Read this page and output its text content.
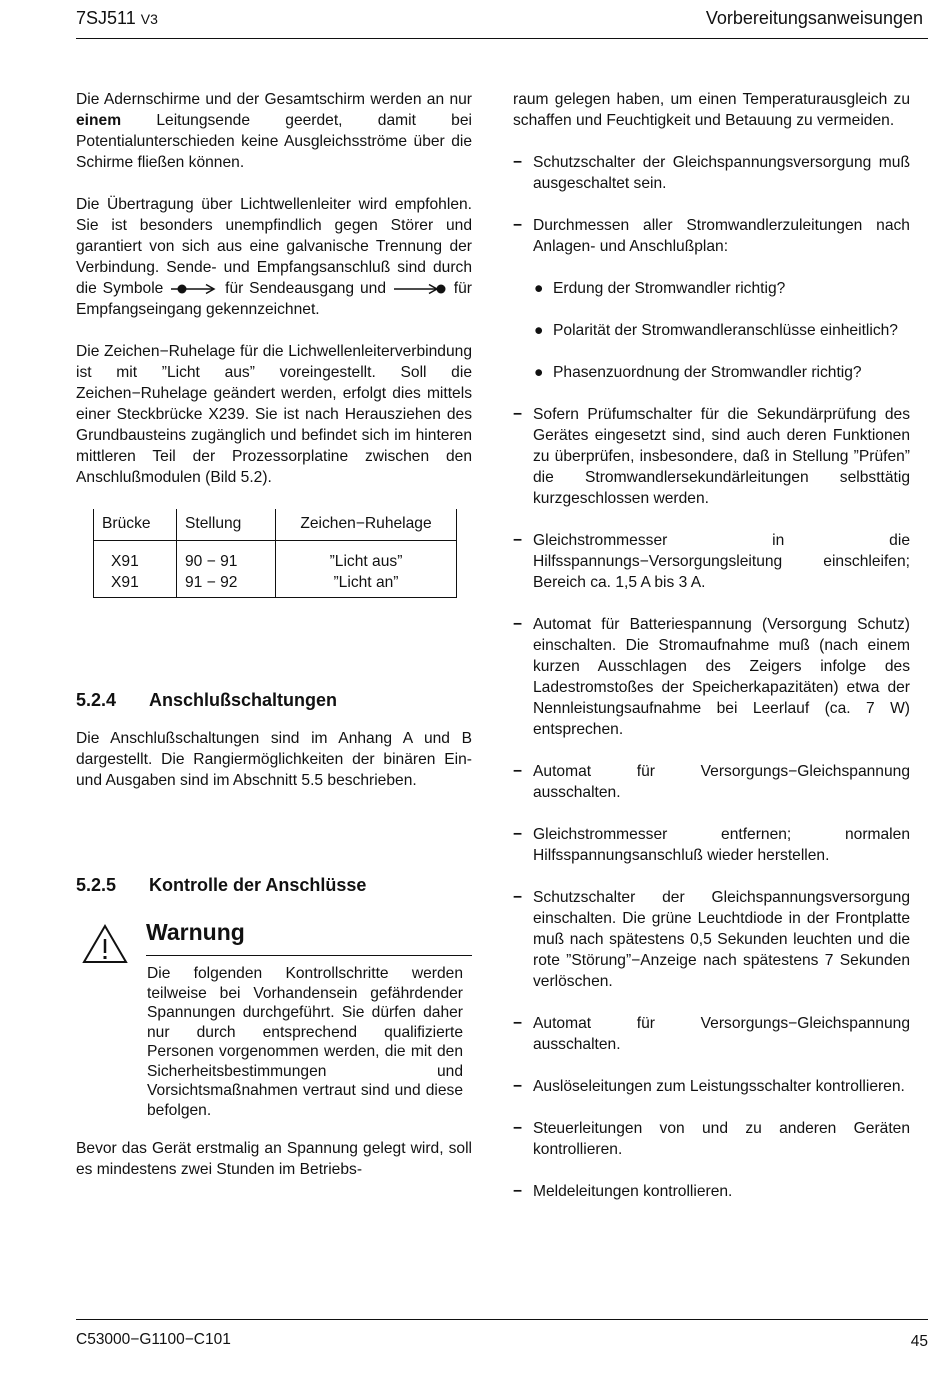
7SJ511 V3	Vorbereitungsanweisungen

Die Adernschirme und der Gesamtschirm werden an nur einem Leitungsende geerdet, damit bei Potentialunterschieden keine Ausgleichsströme über die Schirme fließen können.

Die Übertragung über Lichtwellenleiter wird empfohlen. Sie ist besonders unempfindlich gegen Störer und garantiert von sich aus eine galvanische Trennung der Verbindung. Sende- und Empfangsanschluß sind durch die Symbole	für Sendeausgang und	für Empfangseingang gekennzeichnet.

Die Zeichen−Ruhelage für die Lichwellenleiterverbindung ist mit ”Licht aus” voreingestellt. Soll die Zeichen−Ruhelage geändert werden, erfolgt dies mittels einer Steckbrücke X239. Sie ist nach Herausziehen des Grundbausteins zugänglich und befindet sich im hinteren mittleren Teil der Prozessorplatine zwischen den Anschlußmodulen (Bild 5.2).

Brücke	Stellung	Zeichen−Ruhelage
X91	90 − 91	”Licht aus”
X91	91 − 92	”Licht an”
5.2.4 Anschlußschaltungen

Die Anschlußschaltungen sind im Anhang A und B dargestellt. Die Rangiermöglichkeiten der binären Ein- und Ausgaben sind im Abschnitt 5.5 beschrieben.

5.2.5 Kontrolle der Anschlüsse
Warnung
Die folgenden Kontrollschritte werden teilweise bei Vorhandensein gefährdender Spannungen durchgeführt. Sie dürfen daher nur durch entsprechend qualifizierte Personen vorgenommen werden, die mit den Sicherheitsbestimmungen und Vorsichtsmaßnahmen vertraut sind und diese befolgen.

Bevor das Gerät erstmalig an Spannung gelegt wird, soll es mindestens zwei Stunden im Betriebs-

raum gelegen haben, um einen Temperaturausgleich zu schaffen und Feuchtigkeit und Betauung zu vermeiden.

− Schutzschalter der Gleichspannungsversorgung muß ausgeschaltet sein.
− Durchmessen aller Stromwandlerzuleitungen nach Anlagen- und Anschlußplan:
● Erdung der Stromwandler richtig?
● Polarität der Stromwandleranschlüsse einheitlich?
● Phasenzuordnung der Stromwandler richtig?
− Sofern Prüfumschalter für die Sekundärprüfung des Gerätes eingesetzt sind, sind auch deren Funktionen zu überprüfen, insbesondere, daß in Stellung ”Prüfen” die Stromwandlersekundärleitungen selbsttätig kurzgeschlossen werden.
− Gleichstrommesser in die Hilfsspannungs−Versorgungsleitung einschleifen; Bereich ca. 1,5 A bis 3 A.
− Automat für Batteriespannung (Versorgung Schutz) einschalten. Die Stromaufnahme muß (nach einem kurzen Ausschlagen des Zeigers infolge des Ladestromstoßes der Speicherkapazitäten) etwa der Nennleistungsaufnahme bei Leerlauf (ca. 7 W) entsprechen.
− Automat für Versorgungs−Gleichspannung ausschalten.
− Gleichstrommesser entfernen; normalen Hilfsspannungsanschluß wieder herstellen.
− Schutzschalter der Gleichspannungsversorgung einschalten. Die grüne Leuchtdiode in der Frontplatte muß nach spätestens 0,5 Sekunden leuchten und die rote ”Störung”−Anzeige nach spätestens 7 Sekunden verlöschen.
− Automat für Versorgungs−Gleichspannung ausschalten.
− Auslöseleitungen zum Leistungsschalter kontrollieren.
− Steuerleitungen von und zu anderen Geräten kontrollieren.
− Meldeleitungen kontrollieren.
C53000−G1100−C101	45
